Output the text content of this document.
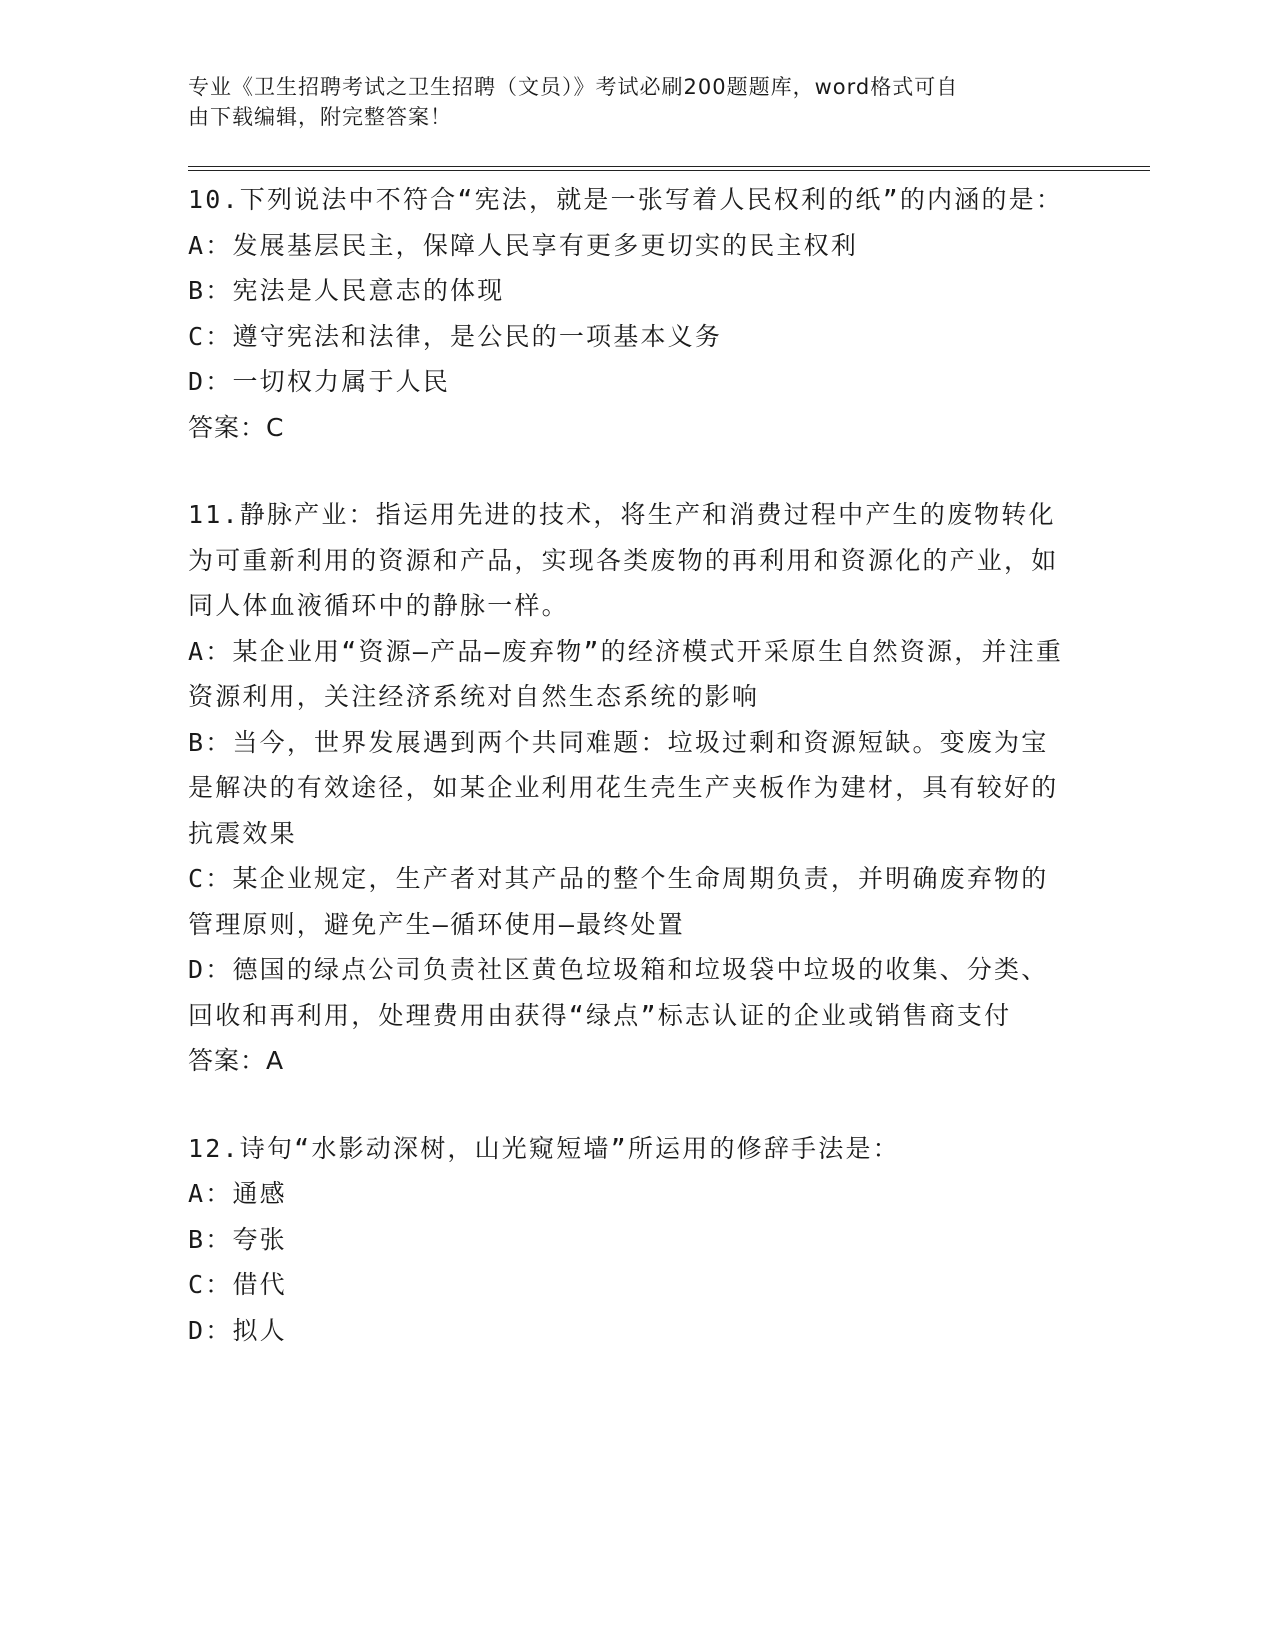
专业《卫生招聘考试之卫生招聘（文员）》考试必刷200题题库，word格式可自
由下载编辑，附完整答案！
10.下列说法中不符合“宪法，就是一张写着人民权利的纸”的内涵的是：
A：发展基层民主，保障人民享有更多更切实的民主权利
B：宪法是人民意志的体现
C：遵守宪法和法律，是公民的一项基本义务
D：一切权力属于人民
答案：C
11.静脉产业：指运用先进的技术，将生产和消费过程中产生的废物转化为可重新利用的资源和产品，实现各类废物的再利用和资源化的产业，如同人体血液循环中的静脉一样。
A：某企业用“资源—产品—废弃物”的经济模式开采原生自然资源，并注重资源利用，关注经济系统对自然生态系统的影响
B：当今，世界发展遇到两个共同难题：垃圾过剩和资源短缺。变废为宝是解决的有效途径，如某企业利用花生壳生产夹板作为建材，具有较好的抗震效果
C：某企业规定，生产者对其产品的整个生命周期负责，并明确废弃物的管理原则，避免产生—循环使用—最终处置
D：德国的绿点公司负责社区黄色垃圾箱和垃圾袋中垃圾的收集、分类、回收和再利用，处理费用由获得“绿点”标志认证的企业或销售商支付
答案：A
12.诗句“水影动深树，山光窥短墙”所运用的修辞手法是：
A：通感
B：夸张
C：借代
D：拟人
